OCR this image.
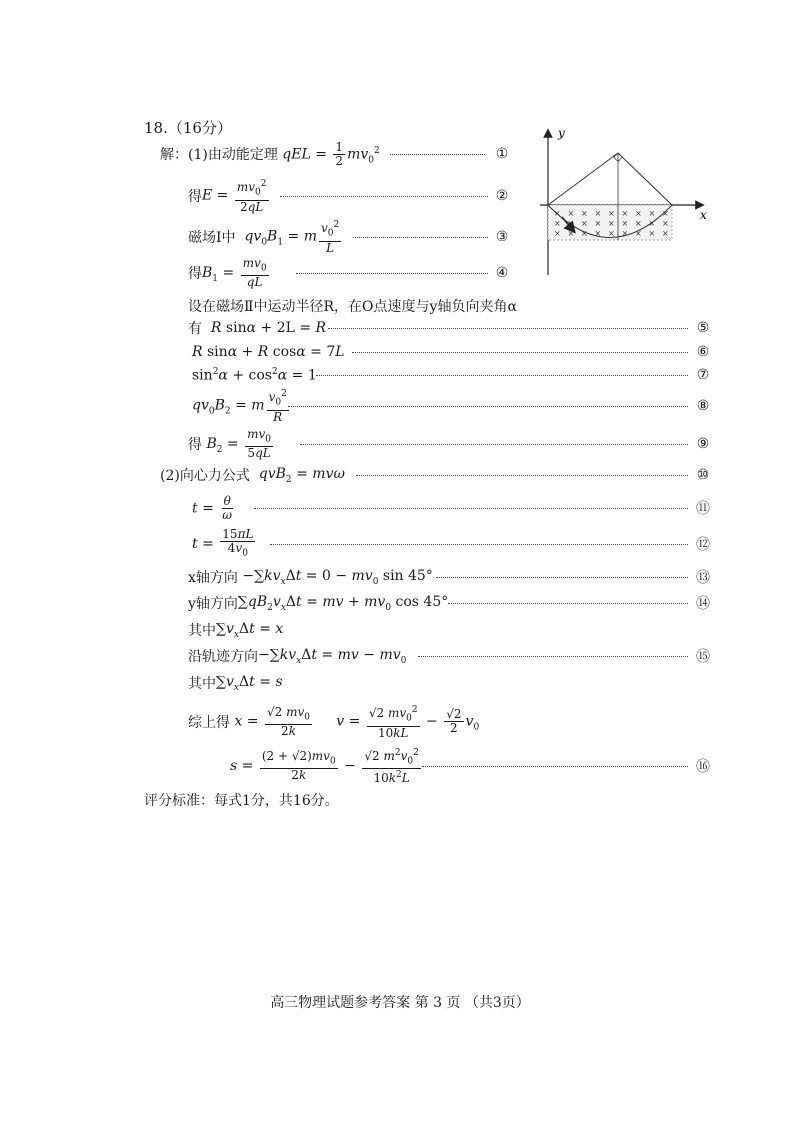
18.（16分）
解：(1)由动能定理 qEL = $\frac{1}{2} mv_0^2$	①
得 $E = \frac{mv_0^2}{2qL}$	②
磁场Ⅰ中 $qv_0B_1 = m \frac{v_0^2}{L}$	③
得 $B_1 = \frac{mv_0}{qL}$	④
设在磁场Ⅱ中运动半径R，在O点速度与y轴负向夹角α
有 R sinα + 2L = R	⑤
R sinα + R cosα = 7L	⑥
$\sin^2\alpha + \cos^2\alpha = 1$	⑦
$qv_0B_2 = m \frac{v_0^2}{R}$	⑧
得 $B_2 = \frac{mv_0}{5qL}$	⑨
(2)向心力公式 qvB$_2$ = mvω	⑩
$t = \frac{\theta}{\omega}$	⑪
$t = \frac{15\pi L}{4v_0}$	⑫
x轴方向 $-\sum kv_x\Delta t = 0 - mv_0$ sin 45°	⑬
y轴方向 $\sum qB_2v_x\Delta t$ = mv + $mv_0$ cos 45°	⑭
其中 $\sum v_x\Delta t = x$
沿轨迹方向 $-\sum kv_x\Delta t$ = mv − $mv_0$	⑮
其中 $\sum v_x\Delta t = s$
综上得 $x = \frac{√2 mv_0}{2k}$ $v = \frac{√2 mv_0^2}{10kL} - \frac{√2}{2} v_0$
$s = \frac{(2 + √2)mv_0}{2k} - \frac{√2 m^2v_0^2}{10k^2L}$	⑯
评分标准：每式1分，共16分。
高三物理试题参考答案 第 3 页 （共3页）
y
x
× × × × × × × × ×
× × × × × × × × ×
× × × × × × × × ×
